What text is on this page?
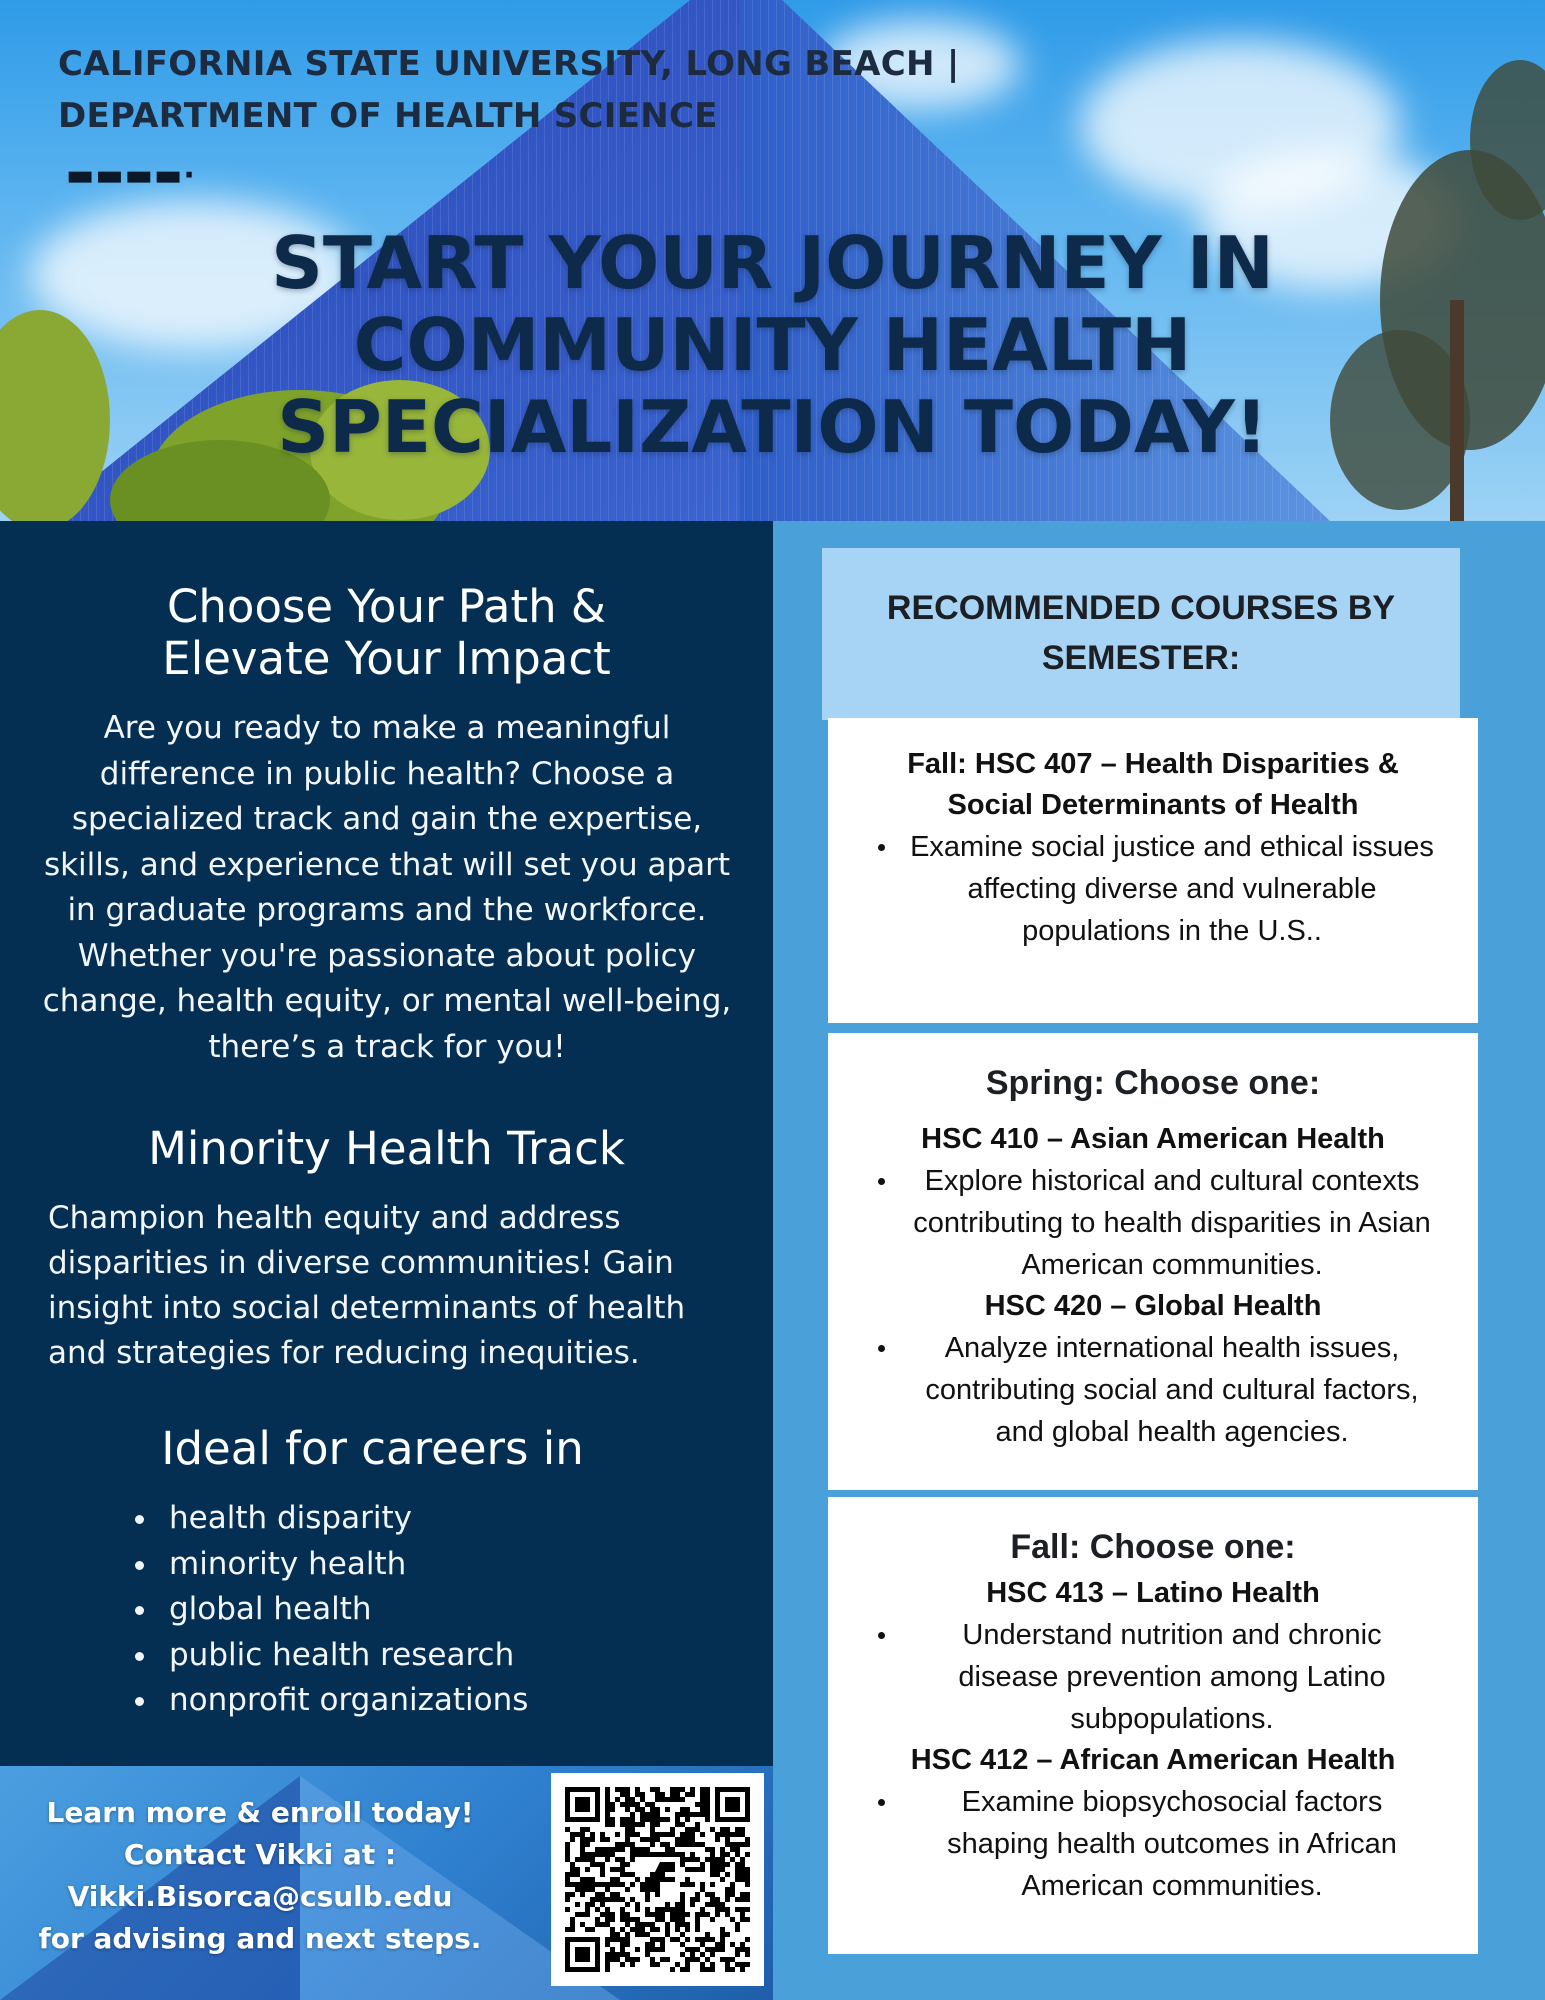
CALIFORNIA STATE UNIVERSITY, LONG BEACH |
DEPARTMENT OF HEALTH SCIENCE
▬▬▬▬·
START YOUR JOURNEY IN
COMMUNITY HEALTH
SPECIALIZATION TODAY!
Choose Your Path &
Elevate Your Impact
Are you ready to make a meaningful
difference in public health? Choose a
specialized track and gain the expertise,
skills, and experience that will set you apart
in graduate programs and the workforce.
Whether you're passionate about policy
change, health equity, or mental well-being,
there’s a track for you!
Minority Health Track
Champion health equity and address
disparities in diverse communities! Gain
insight into social determinants of health
and strategies for reducing inequities.
Ideal for careers in
health disparity
minority health
global health
public health research
nonprofit organizations
Learn more & enroll today!
Contact Vikki at :
Vikki.Bisorca@csulb.edu
for advising and next steps.
RECOMMENDED COURSES BY
SEMESTER:
Fall: HSC 407 – Health Disparities &
Social Determinants of Health
Examine social justice and ethical issues
affecting diverse and vulnerable
populations in the U.S..
Spring: Choose one:
HSC 410 – Asian American Health
Explore historical and cultural contexts
contributing to health disparities in Asian
American communities.
HSC 420 – Global Health
Analyze international health issues,
contributing social and cultural factors,
and global health agencies.
Fall: Choose one:
HSC 413 – Latino Health
Understand nutrition and chronic
disease prevention among Latino
subpopulations.
HSC 412 – African American Health
Examine biopsychosocial factors
shaping health outcomes in African
American communities.
